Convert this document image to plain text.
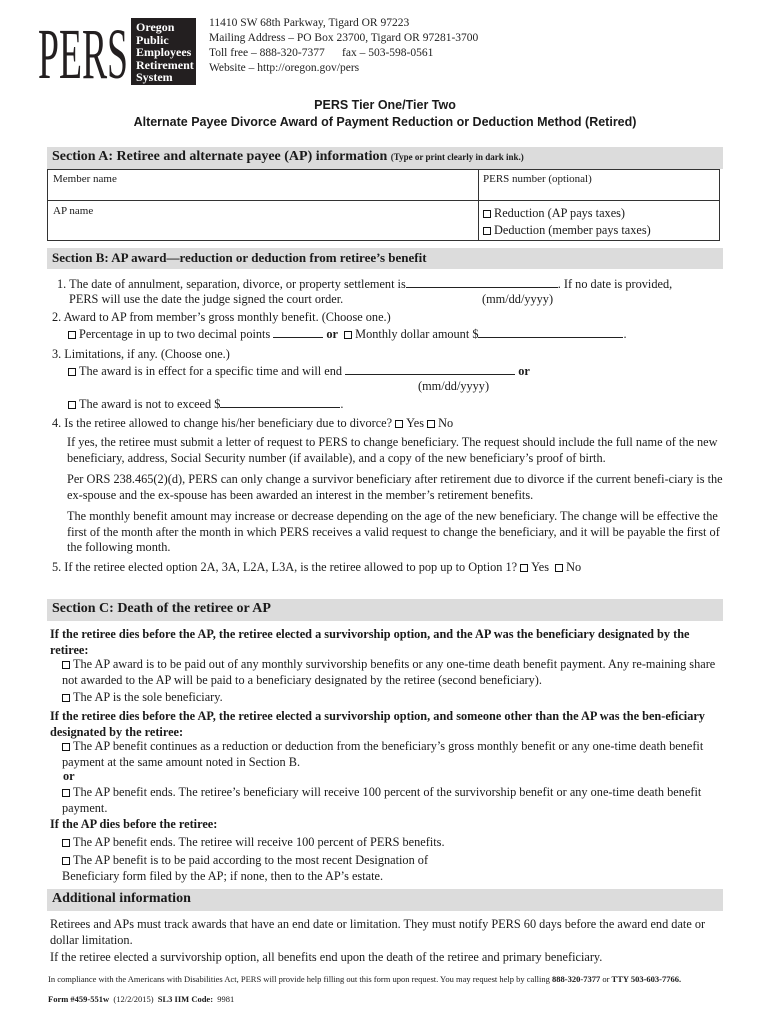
PERS Oregon
Public
Employees
Retirement
System
11410 SW 68th Parkway, Tigard OR 97223
Mailing Address – PO Box 23700, Tigard OR 97281-3700
Toll free – 888-320-7377      fax – 503-598-0561
Website – http://oregon.gov/pers
PERS Tier One/Tier Two
Alternate Payee Divorce Award of Payment Reduction or Deduction Method (Retired)
Section A: Retiree and alternate payee (AP) information (Type or print clearly in dark ink.)
Member name	PERS number (optional)
AP name	Reduction (AP pays taxes)
Deduction (member pays taxes)
Section B: AP award—reduction or deduction from retiree’s benefit
1. The date of annulment, separation, divorce, or property settlement is	. If no date is provided,
PERS will use the date the judge signed the court order.	(mm/dd/yyyy)
2. Award to AP from member’s gross monthly benefit. (Choose one.)
Percentage in up to two decimal points	or Monthly dollar amount $	.
3. Limitations, if any. (Choose one.)
The award is in effect for a specific time and will end	or
(mm/dd/yyyy)
The award is not to exceed $	.
4. Is the retiree allowed to change his/her beneficiary due to divorce? Yes No
If yes, the retiree must submit a letter of request to PERS to change beneficiary. The request should include the full name of the new beneficiary, address, Social Security number (if available), and a copy of the new beneficiary’s proof of birth.
Per ORS 238.465(2)(d), PERS can only change a survivor beneficiary after retirement due to divorce if the current benefi-ciary is the ex-spouse and the ex-spouse has been awarded an interest in the member’s retirement benefits.
The monthly benefit amount may increase or decrease depending on the age of the new beneficiary. The change will be effective the first of the month after the month in which PERS receives a valid request to change the beneficiary, and it will be payable the first of the following month.
5. If the retiree elected option 2A, 3A, L2A, L3A, is the retiree allowed to pop up to Option 1? Yes No
Section C: Death of the retiree or AP
If the retiree dies before the AP, the retiree elected a survivorship option, and the AP was the beneficiary designated by the retiree:
The AP award is to be paid out of any monthly survivorship benefits or any one-time death benefit payment. Any re-maining share not awarded to the AP will be paid to a beneficiary designated by the retiree (second beneficiary).
The AP is the sole beneficiary.
If the retiree dies before the AP, the retiree elected a survivorship option, and someone other than the AP was the ben-eficiary designated by the retiree:
The AP benefit continues as a reduction or deduction from the beneficiary’s gross monthly benefit or any one-time death benefit payment at the same amount noted in Section B.
or
The AP benefit ends. The retiree’s beneficiary will receive 100 percent of the survivorship benefit or any one-time death benefit payment.
If the AP dies before the retiree:
The AP benefit ends. The retiree will receive 100 percent of PERS benefits.
The AP benefit is to be paid according to the most recent Designation of Beneficiary form filed by the AP; if none, then to the AP’s estate.
Additional information
Retirees and APs must track awards that have an end date or limitation. They must notify PERS 60 days before the award end date or dollar limitation.
If the retiree elected a survivorship option, all benefits end upon the death of the retiree and primary beneficiary.
In compliance with the Americans with Disabilities Act, PERS will provide help filling out this form upon request. You may request help by calling 888-320-7377 or TTY 503-603-7766.
Form #459-551w (12/2/2015) SL3 IIM Code: 9981
